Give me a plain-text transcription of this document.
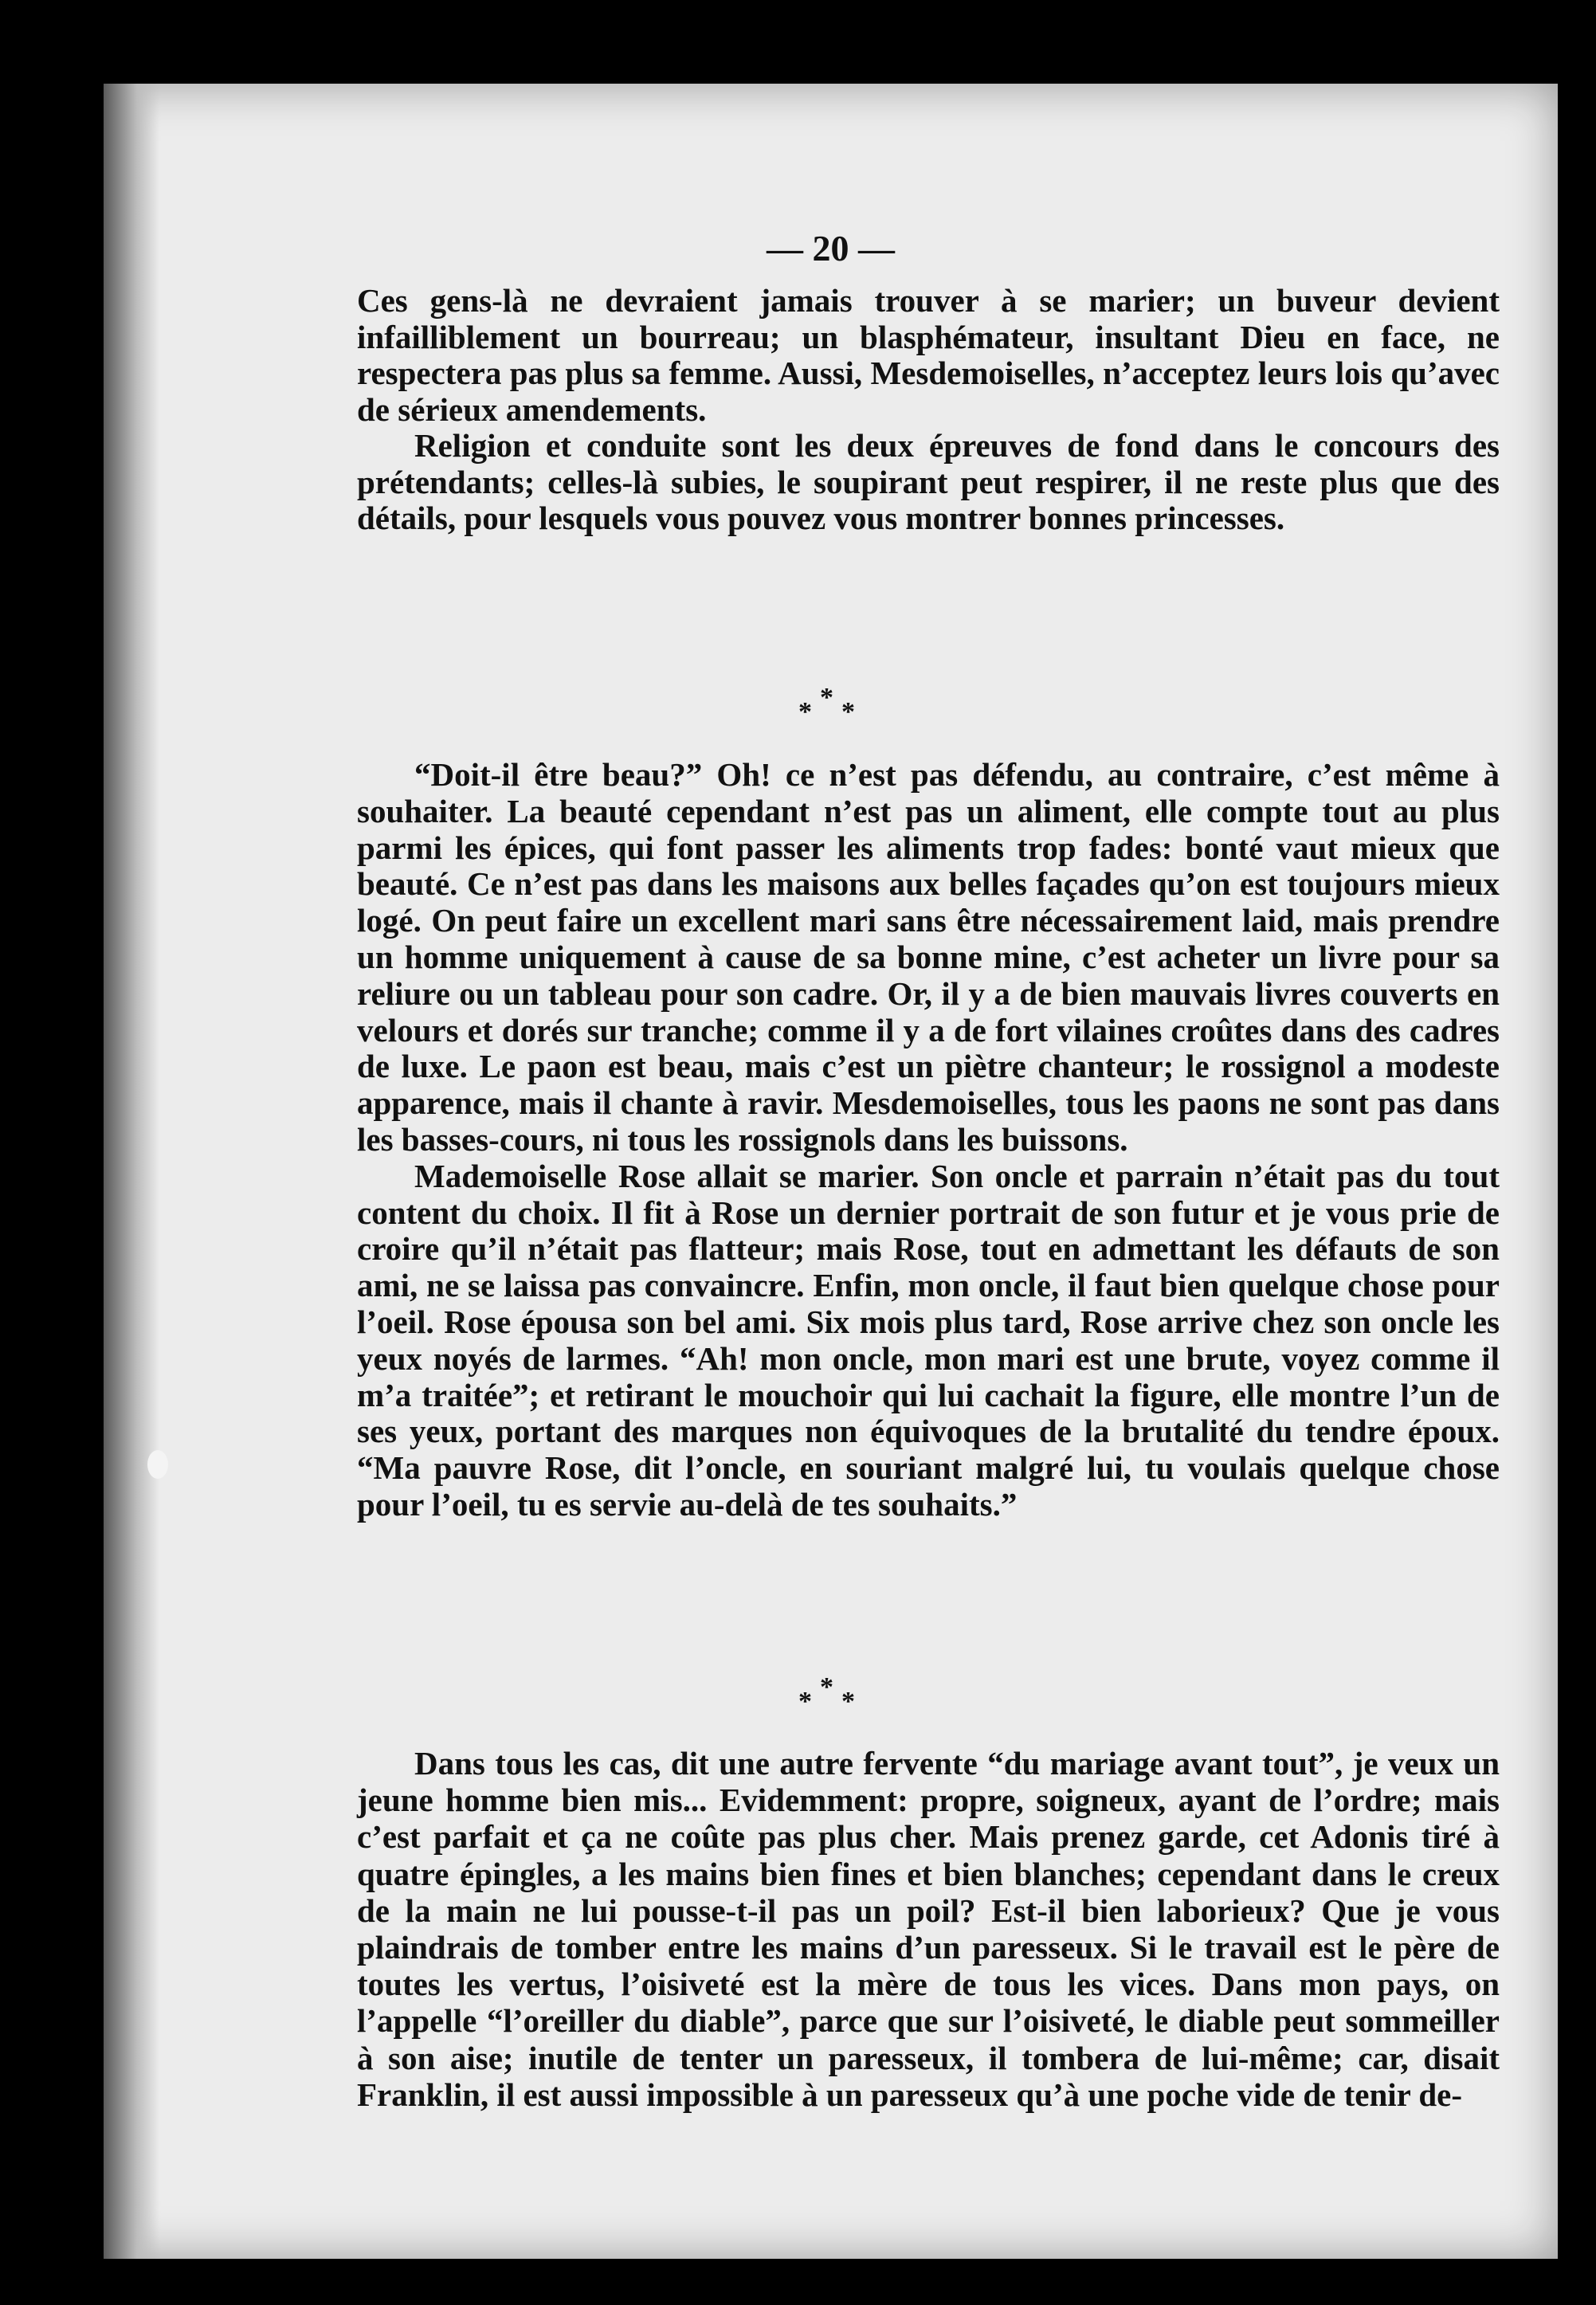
— 20 —

Ces gens-là ne devraient jamais trouver à se marier; un buveur devient infailliblement un bourreau; un blasphémateur, insultant Dieu en face, ne respectera pas plus sa femme. Aussi, Mesdemoiselles, n’acceptez leurs lois qu’avec de sérieux amendements.

Religion et conduite sont les deux épreuves de fond dans le concours des prétendants; celles-là subies, le soupirant peut respirer, il ne reste plus que des détails, pour lesquels vous pouvez vous montrer bonnes princesses.

***

“Doit-il être beau?” Oh! ce n’est pas défendu, au contraire, c’est même à souhaiter. La beauté cependant n’est pas un aliment, elle compte tout au plus parmi les épices, qui font passer les aliments trop fades: bonté vaut mieux que beauté. Ce n’est pas dans les maisons aux belles façades qu’on est toujours mieux logé. On peut faire un excellent mari sans être nécessairement laid, mais prendre un homme uniquement à cause de sa bonne mine, c’est acheter un livre pour sa reliure ou un tableau pour son cadre. Or, il y a de bien mauvais livres couverts en velours et dorés sur tranche; comme il y a de fort vilaines croûtes dans des cadres de luxe. Le paon est beau, mais c’est un piètre chanteur; le rossignol a modeste apparence, mais il chante à ravir. Mesdemoiselles, tous les paons ne sont pas dans les basses-cours, ni tous les rossignols dans les buissons.

Mademoiselle Rose allait se marier. Son oncle et parrain n’était pas du tout content du choix. Il fit à Rose un dernier portrait de son futur et je vous prie de croire qu’il n’était pas flatteur; mais Rose, tout en admettant les défauts de son ami, ne se laissa pas convaincre. Enfin, mon oncle, il faut bien quelque chose pour l’oeil. Rose épousa son bel ami. Six mois plus tard, Rose arrive chez son oncle les yeux noyés de larmes. “Ah! mon oncle, mon mari est une brute, voyez comme il m’a traitée”; et retirant le mouchoir qui lui cachait la figure, elle montre l’un de ses yeux, portant des marques non équivoques de la brutalité du tendre époux. “Ma pauvre Rose, dit l’oncle, en souriant malgré lui, tu voulais quelque chose pour l’oeil, tu es servie au-delà de tes souhaits.”

***

Dans tous les cas, dit une autre fervente “du mariage avant tout”, je veux un jeune homme bien mis... Evidemment: propre, soigneux, ayant de l’ordre; mais c’est parfait et ça ne coûte pas plus cher. Mais prenez garde, cet Adonis tiré à quatre épingles, a les mains bien fines et bien blanches; cependant dans le creux de la main ne lui pousse-t-il pas un poil? Est-il bien laborieux? Que je vous plaindrais de tomber entre les mains d’un paresseux. Si le travail est le père de toutes les vertus, l’oisiveté est la mère de tous les vices. Dans mon pays, on l’appelle “l’oreiller du diable”, parce que sur l’oisiveté, le diable peut sommeiller à son aise; inutile de tenter un paresseux, il tombera de lui-même; car, disait Franklin, il est aussi impossible à un paresseux qu’à une poche vide de tenir de-
